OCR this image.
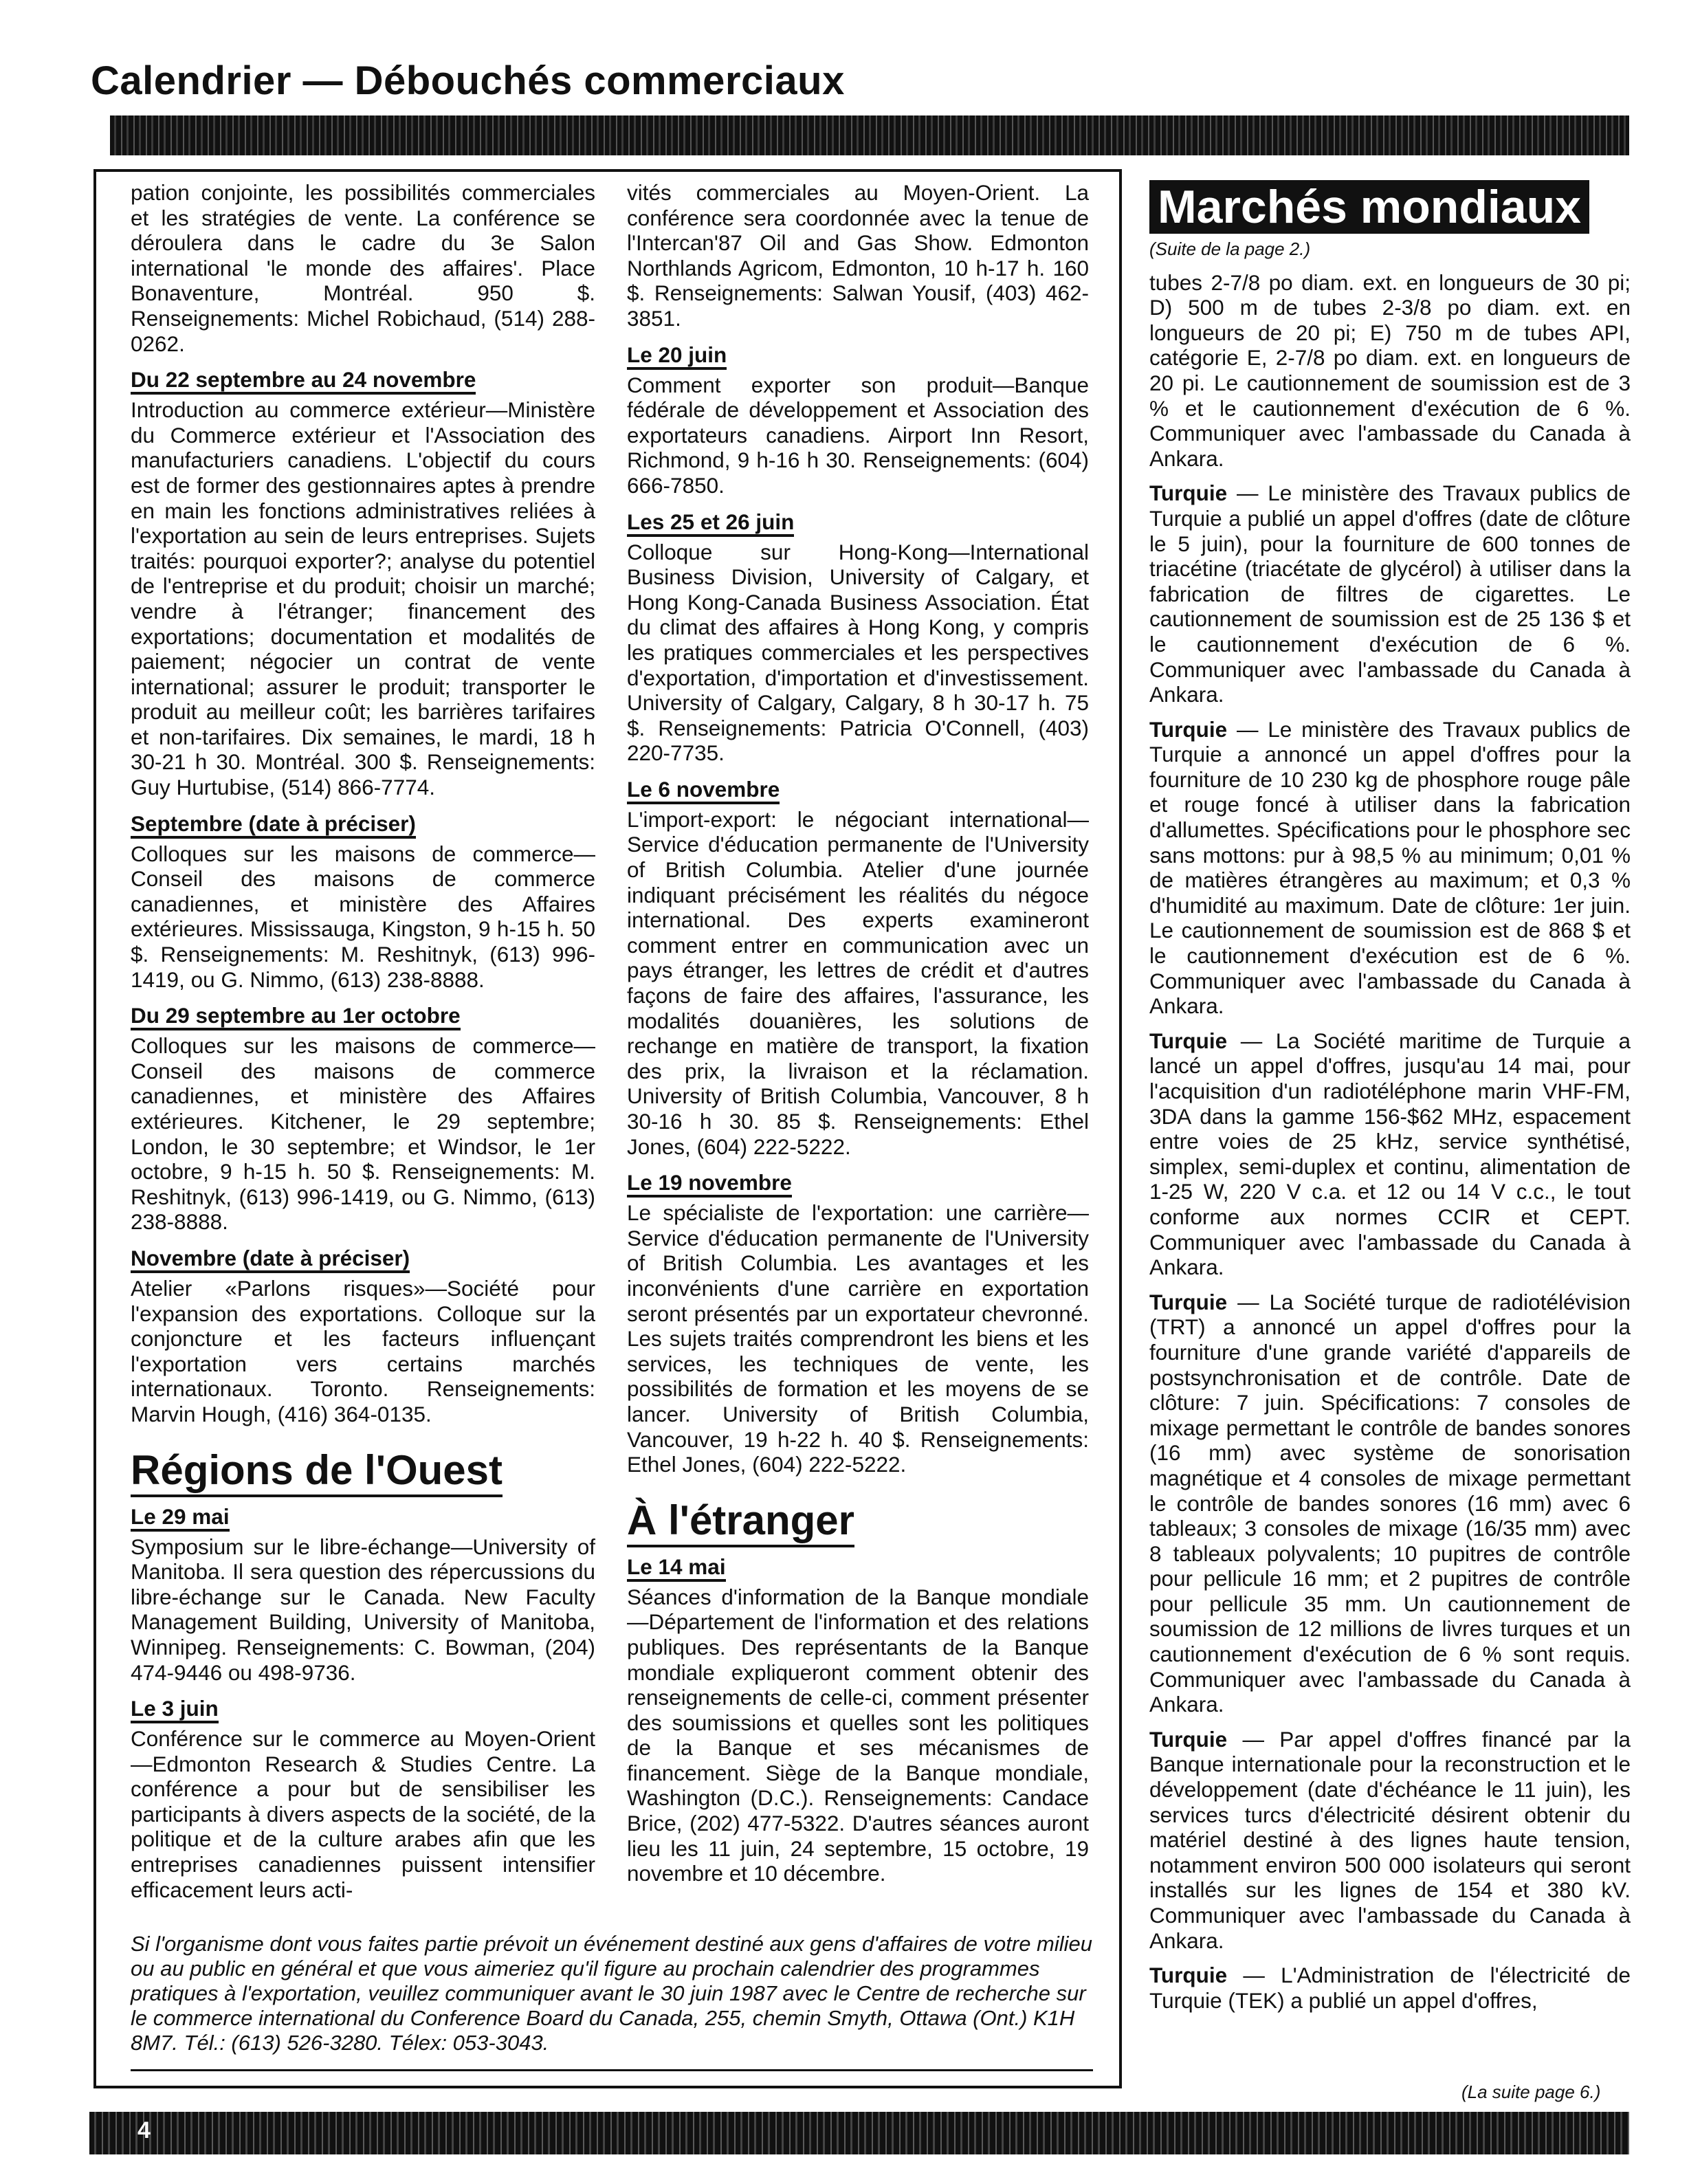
Calendrier — Débouchés commerciaux

pation conjointe, les possibilités commerciales et les stratégies de vente. La conférence se déroulera dans le cadre du 3e Salon international 'le monde des affaires'. Place Bonaventure, Montréal. 950 $. Renseignements: Michel Robichaud, (514) 288-0262.

Du 22 septembre au 24 novembre

Introduction au commerce extérieur—Ministère du Commerce extérieur et l'Association des manufacturiers canadiens. L'objectif du cours est de former des gestionnaires aptes à prendre en main les fonctions administratives reliées à l'exportation au sein de leurs entreprises. Sujets traités: pourquoi exporter?; analyse du potentiel de l'entreprise et du produit; choisir un marché; vendre à l'étranger; financement des exportations; documentation et modalités de paiement; négocier un contrat de vente international; assurer le produit; transporter le produit au meilleur coût; les barrières tarifaires et non-tarifaires. Dix semaines, le mardi, 18 h 30-21 h 30. Montréal. 300 $. Renseignements: Guy Hurtubise, (514) 866-7774.

Septembre (date à préciser)

Colloques sur les maisons de commerce—Conseil des maisons de commerce canadiennes, et ministère des Affaires extérieures. Mississauga, Kingston, 9 h-15 h. 50 $. Renseignements: M. Reshitnyk, (613) 996-1419, ou G. Nimmo, (613) 238-8888.

Du 29 septembre au 1er octobre

Colloques sur les maisons de commerce—Conseil des maisons de commerce canadiennes, et ministère des Affaires extérieures. Kitchener, le 29 septembre; London, le 30 septembre; et Windsor, le 1er octobre, 9 h-15 h. 50 $. Renseignements: M. Reshitnyk, (613) 996-1419, ou G. Nimmo, (613) 238-8888.

Novembre (date à préciser)

Atelier «Parlons risques»—Société pour l'expansion des exportations. Colloque sur la conjoncture et les facteurs influençant l'exportation vers certains marchés internationaux. Toronto. Renseignements: Marvin Hough, (416) 364-0135.

Régions de l'Ouest
Le 29 mai

Symposium sur le libre-échange—University of Manitoba. Il sera question des répercussions du libre-échange sur le Canada. New Faculty Management Building, University of Manitoba, Winnipeg. Renseignements: C. Bowman, (204) 474-9446 ou 498-9736.

Le 3 juin

Conférence sur le commerce au Moyen-Orient—Edmonton Research & Studies Centre. La conférence a pour but de sensibiliser les participants à divers aspects de la société, de la politique et de la culture arabes afin que les entreprises canadiennes puissent intensifier efficacement leurs acti-

vités commerciales au Moyen-Orient. La conférence sera coordonnée avec la tenue de l'Intercan'87 Oil and Gas Show. Edmonton Northlands Agricom, Edmonton, 10 h-17 h. 160 $. Renseignements: Salwan Yousif, (403) 462-3851.

Le 20 juin

Comment exporter son produit—Banque fédérale de développement et Association des exportateurs canadiens. Airport Inn Resort, Richmond, 9 h-16 h 30. Renseignements: (604) 666-7850.

Les 25 et 26 juin

Colloque sur Hong-Kong—International Business Division, University of Calgary, et Hong Kong-Canada Business Association. État du climat des affaires à Hong Kong, y compris les pratiques commerciales et les perspectives d'exportation, d'importation et d'investissement. University of Calgary, Calgary, 8 h 30-17 h. 75 $. Renseignements: Patricia O'Connell, (403) 220-7735.

Le 6 novembre

L'import-export: le négociant international—Service d'éducation permanente de l'University of British Columbia. Atelier d'une journée indiquant précisément les réalités du négoce international. Des experts examineront comment entrer en communication avec un pays étranger, les lettres de crédit et d'autres façons de faire des affaires, l'assurance, les modalités douanières, les solutions de rechange en matière de transport, la fixation des prix, la livraison et la réclamation. University of British Columbia, Vancouver, 8 h 30-16 h 30. 85 $. Renseignements: Ethel Jones, (604) 222-5222.

Le 19 novembre

Le spécialiste de l'exportation: une carrière—Service d'éducation permanente de l'University of British Columbia. Les avantages et les inconvénients d'une carrière en exportation seront présentés par un exportateur chevronné. Les sujets traités comprendront les biens et les services, les techniques de vente, les possibilités de formation et les moyens de se lancer. University of British Columbia, Vancouver, 19 h-22 h. 40 $. Renseignements: Ethel Jones, (604) 222-5222.

À l'étranger
Le 14 mai

Séances d'information de la Banque mondiale—Département de l'information et des relations publiques. Des représentants de la Banque mondiale expliqueront comment obtenir des renseignements de celle-ci, comment présenter des soumissions et quelles sont les politiques de la Banque et ses mécanismes de financement. Siège de la Banque mondiale, Washington (D.C.). Renseignements: Candace Brice, (202) 477-5322. D'autres séances auront lieu les 11 juin, 24 septembre, 15 octobre, 19 novembre et 10 décembre.

Si l'organisme dont vous faites partie prévoit un événement destiné aux gens d'affaires de votre milieu ou au public en général et que vous aimeriez qu'il figure au prochain calendrier des programmes pratiques à l'exportation, veuillez communiquer avant le 30 juin 1987 avec le Centre de recherche sur le commerce international du Conference Board du Canada, 255, chemin Smyth, Ottawa (Ont.) K1H 8M7. Tél.: (613) 526-3280. Télex: 053-3043.
Marchés mondiaux
(Suite de la page 2.)

tubes 2-7/8 po diam. ext. en longueurs de 30 pi; D) 500 m de tubes 2-3/8 po diam. ext. en longueurs de 20 pi; E) 750 m de tubes API, catégorie E, 2-7/8 po diam. ext. en longueurs de 20 pi. Le cautionnement de soumission est de 3 % et le cautionnement d'exécution de 6 %. Communiquer avec l'ambassade du Canada à Ankara.

Turquie — Le ministère des Travaux publics de Turquie a publié un appel d'offres (date de clôture le 5 juin), pour la fourniture de 600 tonnes de triacétine (triacétate de glycérol) à utiliser dans la fabrication de filtres de cigarettes. Le cautionnement de soumission est de 25 136 $ et le cautionnement d'exécution de 6 %. Communiquer avec l'ambassade du Canada à Ankara.

Turquie — Le ministère des Travaux publics de Turquie a annoncé un appel d'offres pour la fourniture de 10 230 kg de phosphore rouge pâle et rouge foncé à utiliser dans la fabrication d'allumettes. Spécifications pour le phosphore sec sans mottons: pur à 98,5 % au minimum; 0,01 % de matières étrangères au maximum; et 0,3 % d'humidité au maximum. Date de clôture: 1er juin. Le cautionnement de soumission est de 868 $ et le cautionnement d'exécution est de 6 %. Communiquer avec l'ambassade du Canada à Ankara.

Turquie — La Société maritime de Turquie a lancé un appel d'offres, jusqu'au 14 mai, pour l'acquisition d'un radiotéléphone marin VHF-FM, 3DA dans la gamme 156-$62 MHz, espacement entre voies de 25 kHz, service synthétisé, simplex, semi-duplex et continu, alimentation de 1-25 W, 220 V c.a. et 12 ou 14 V c.c., le tout conforme aux normes CCIR et CEPT. Communiquer avec l'ambassade du Canada à Ankara.

Turquie — La Société turque de radiotélévision (TRT) a annoncé un appel d'offres pour la fourniture d'une grande variété d'appareils de postsynchronisation et de contrôle. Date de clôture: 7 juin. Spécifications: 7 consoles de mixage permettant le contrôle de bandes sonores (16 mm) avec système de sonorisation magnétique et 4 consoles de mixage permettant le contrôle de bandes sonores (16 mm) avec 6 tableaux; 3 consoles de mixage (16/35 mm) avec 8 tableaux polyvalents; 10 pupitres de contrôle pour pellicule 16 mm; et 2 pupitres de contrôle pour pellicule 35 mm. Un cautionnement de soumission de 12 millions de livres turques et un cautionnement d'exécution de 6 % sont requis. Communiquer avec l'ambassade du Canada à Ankara.

Turquie — Par appel d'offres financé par la Banque internationale pour la reconstruction et le développement (date d'échéance le 11 juin), les services turcs d'électricité désirent obtenir du matériel destiné à des lignes haute tension, notamment environ 500 000 isolateurs qui seront installés sur les lignes de 154 et 380 kV. Communiquer avec l'ambassade du Canada à Ankara.

Turquie — L'Administration de l'électricité de Turquie (TEK) a publié un appel d'offres,

(La suite page 6.)
4
